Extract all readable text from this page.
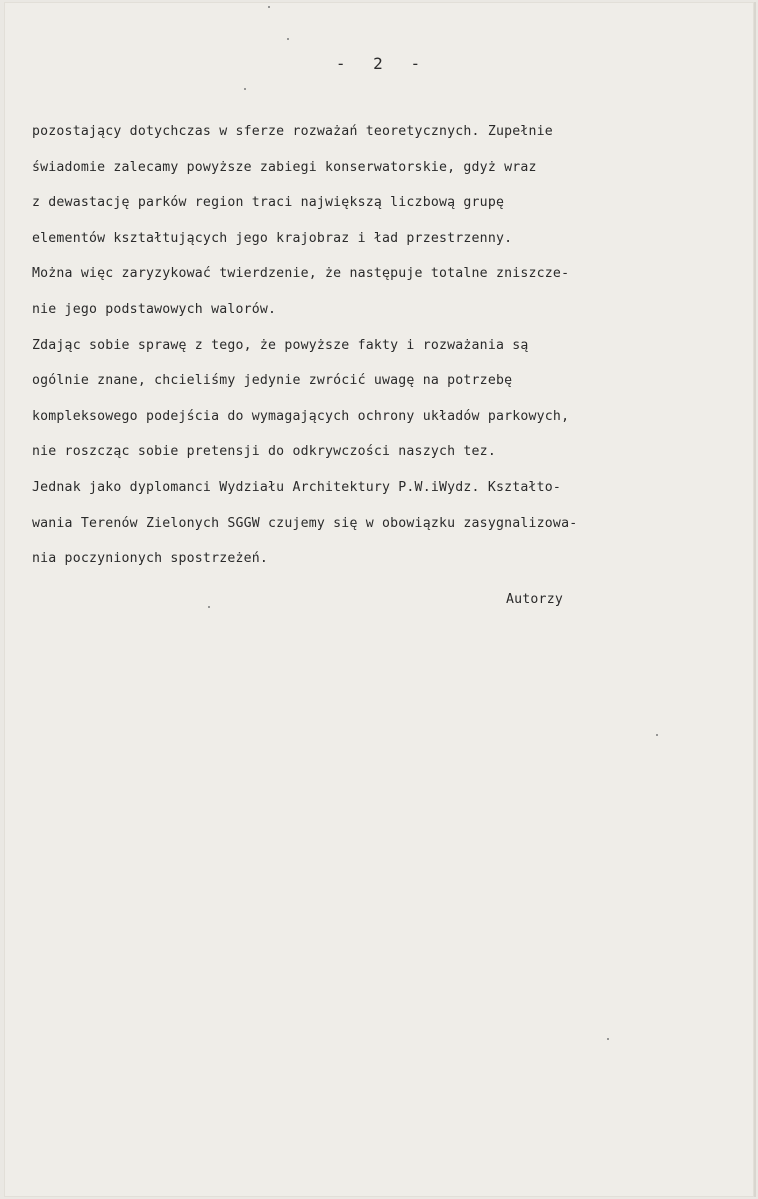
- 2 -
pozostający dotychczas w sferze rozważań teoretycznych. Zupełnie
świadomie zalecamy powyższe zabiegi konserwatorskie, gdyż wraz
z dewastację parków region traci największą liczbową grupę
elementów kształtujących jego krajobraz i ład przestrzenny.
Można więc zaryzykować twierdzenie, że następuje totalne zniszcze-
nie jego podstawowych walorów.
Zdając sobie sprawę z tego, że powyższe fakty i rozważania są
ogólnie znane, chcieliśmy jedynie zwrócić uwagę na potrzebę
kompleksowego podejścia do wymagających ochrony układów parkowych,
nie roszcząc sobie pretensji do odkrywczości naszych tez.
Jednak jako dyplomanci Wydziału Architektury P.W.iWydz. Kształto-
wania Terenów Zielonych SGGW czujemy się w obowiązku zasygnalizowa-
nia poczynionych spostrzeżeń.
Autorzy
